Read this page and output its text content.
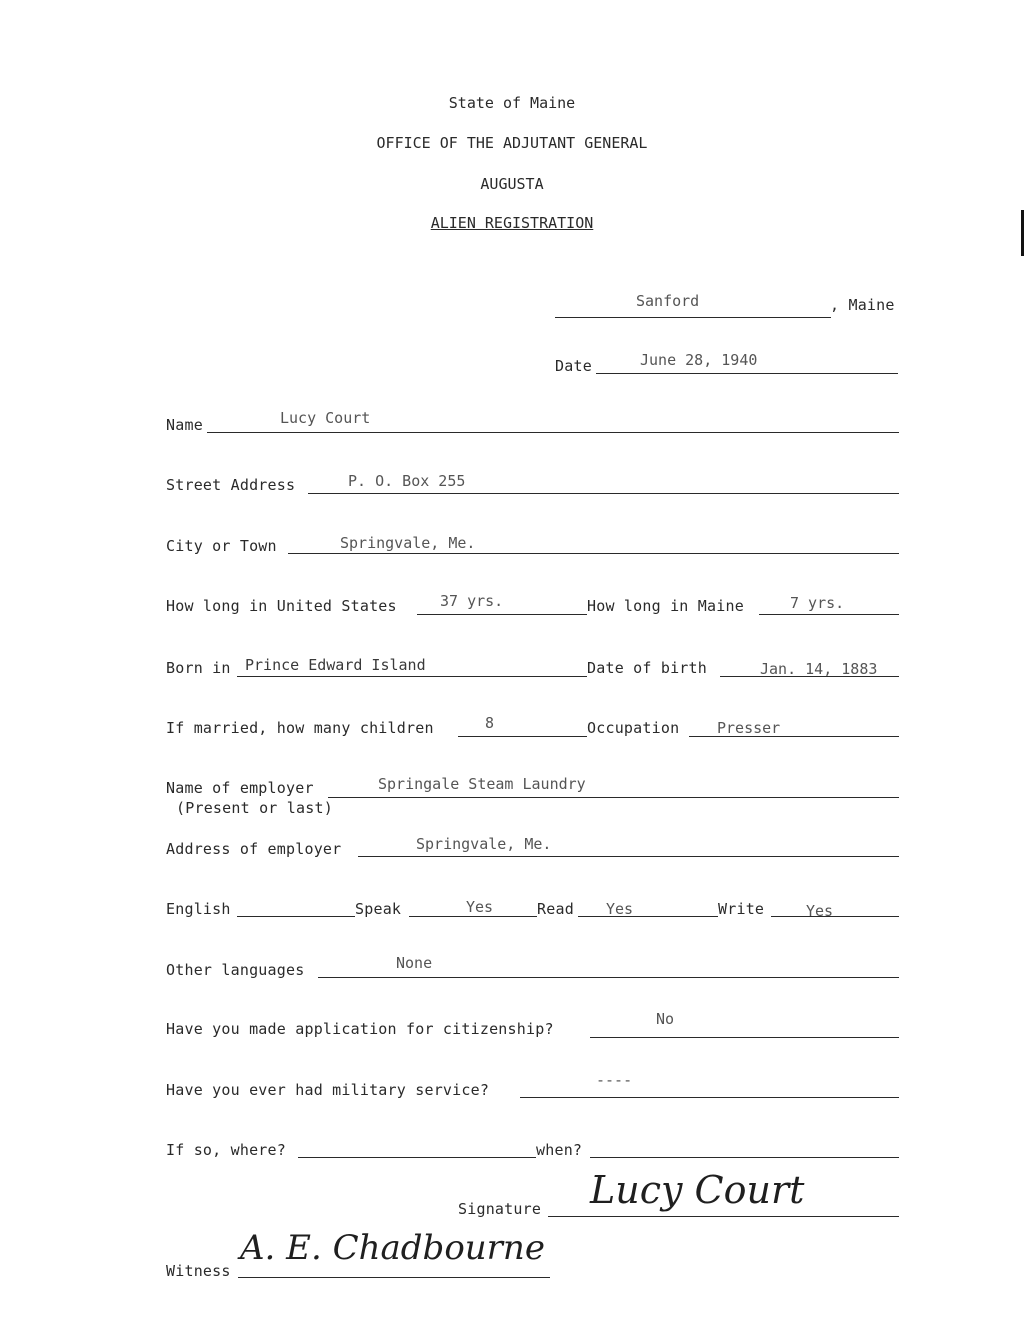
State of Maine
OFFICE OF THE ADJUTANT GENERAL
AUGUSTA
ALIEN REGISTRATION
Sanford	, Maine
Date	June 28, 1940
Name	Lucy Court
Street Address	P. O. Box 255
City or Town	Springvale, Me.
How long in United States	37 yrs.	How long in Maine	7 yrs.
Born in Prince Edward Island	Date of birth	Jan. 14, 1883
If married, how many children	8	Occupation	Presser
Name of employer
(Present or last)
Springale Steam Laundry
Address of employer	Springvale, Me.
English	Speak	Yes	Read Yes	Write	Yes
Other languages	None
Have you made application for citizenship?
No
Have you ever had military service?
----
If so, where?	when?
Signature Lucy Court
Witness
A. E. Chadbourne
